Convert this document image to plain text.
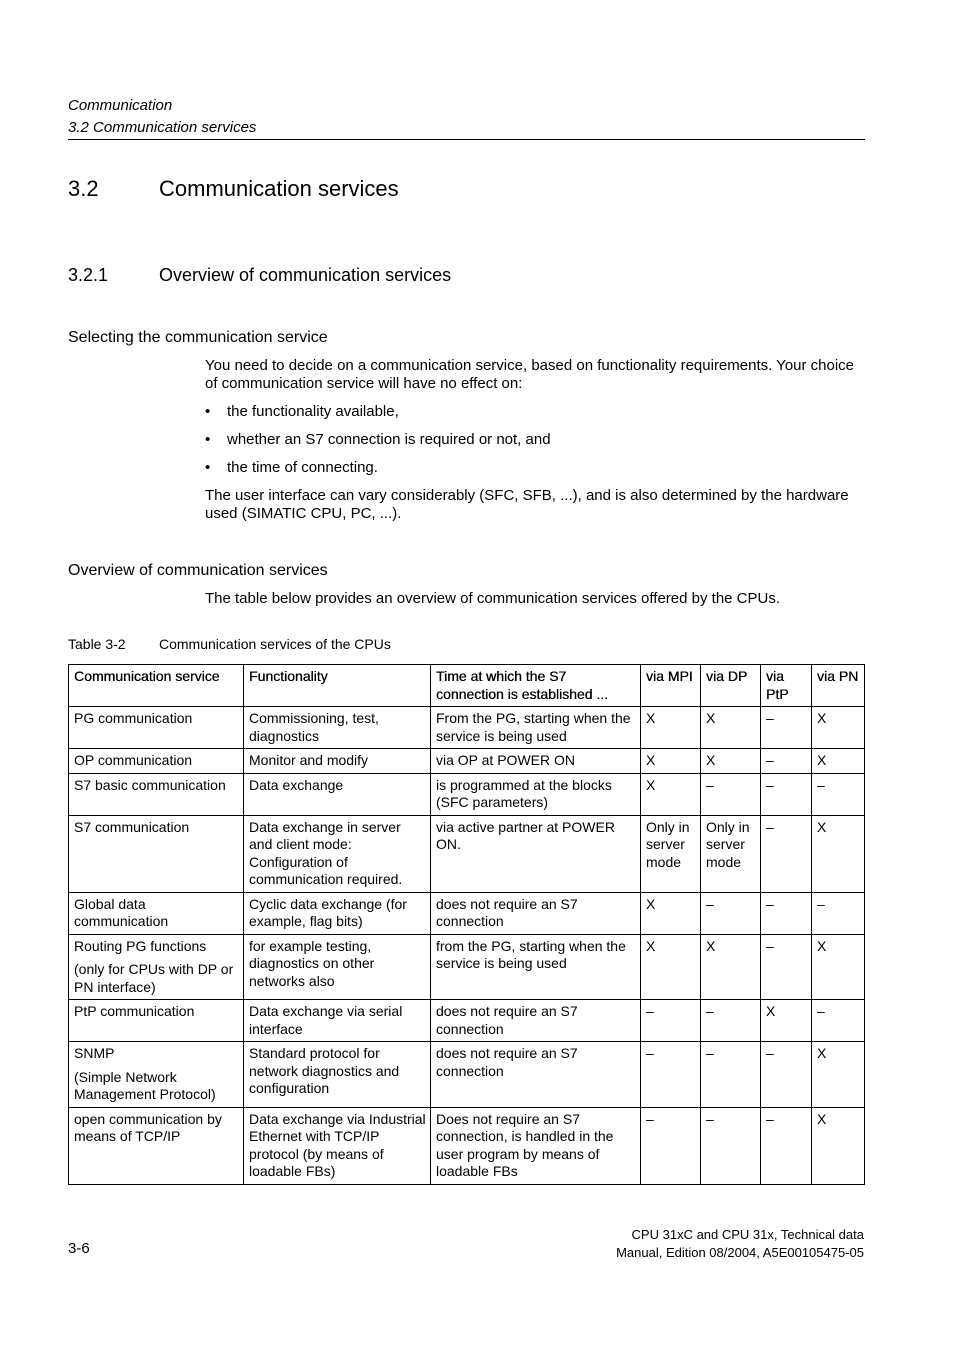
Communication
3.2 Communication services
3.2	Communication services
3.2.1	Overview of communication services
Selecting the communication service

You need to decide on a communication service, based on functionality requirements. Your choice of communication service will have no effect on:

• the functionality available,
• whether an S7 connection is required or not, and
• the time of connecting.

The user interface can vary considerably (SFC, SFB, ...), and is also determined by the hardware used (SIMATIC CPU, PC, ...).

Overview of communication services

The table below provides an overview of communication services offered by the CPUs.

Table 3-2 Communication services of the CPUs
Communication service	Functionality	Time at which the S7 connection is established ...	via MPI	via DP	via PtP	via PN
PG communication	Commissioning, test, diagnostics	From the PG, starting when the service is being used	X	X	–	X
OP communication	Monitor and modify	via OP at POWER ON	X	X	–	X
S7 basic communication	Data exchange	is programmed at the blocks (SFC parameters)	X	–	–	–
S7 communication	Data exchange in server and client mode: Configuration of communication required.	via active partner at POWER ON.	Only in server mode	Only in server mode	–	X
Global data communication	Cyclic data exchange (for example, flag bits)	does not require an S7 connection	X	–	–	–
Routing PG functions
(only for CPUs with DP or PN interface)	for example testing, diagnostics on other networks also	from the PG, starting when the service is being used	X	X	–	X
PtP communication	Data exchange via serial interface	does not require an S7 connection	–	–	X	–
SNMP
(Simple Network Management Protocol)	Standard protocol for network diagnostics and configuration	does not require an S7 connection	–	–	–	X
open communication by means of TCP/IP	Data exchange via Industrial Ethernet with TCP/IP protocol (by means of loadable FBs)	Does not require an S7 connection, is handled in the user program by means of loadable FBs	–	–	–	X
3-6
CPU 31xC and CPU 31x, Technical data
Manual, Edition 08/2004, A5E00105475-05
